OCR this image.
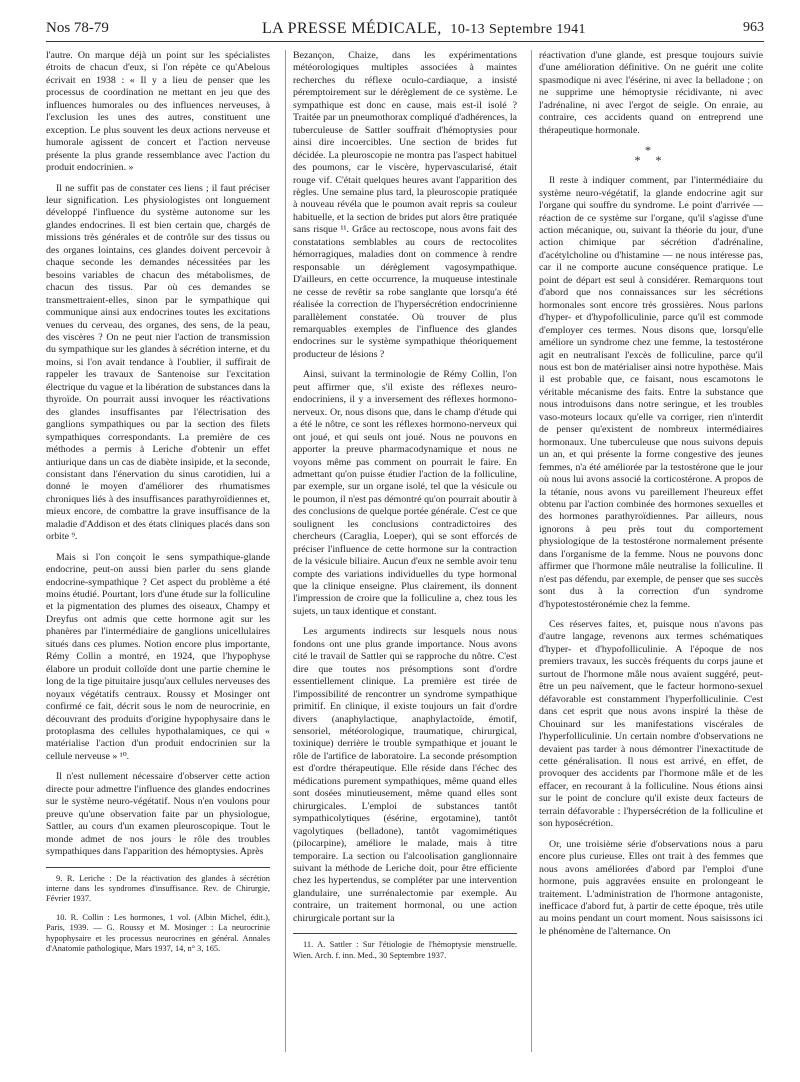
Nos 78-79	LA PRESSE MÉDICALE,  10-13 Septembre 1941	963

l'autre. On marque déjà un point sur les spécialistes étroits de chacun d'eux, si l'on répète ce qu'Abelous écrivait en 1938 : « Il y a lieu de penser que les processus de coordination ne mettant en jeu que des influences humorales ou des influences nerveuses, à l'exclusion les unes des autres, constituent une exception. Le plus souvent les deux actions nerveuse et humorale agissent de concert et l'action nerveuse présente la plus grande ressemblance avec l'action du produit endocrinien. »

Il ne suffit pas de constater ces liens ; il faut préciser leur signification. Les physiologistes ont longuement développé l'influence du système autonome sur les glandes endocrines. Il est bien certain que, chargés de missions très générales et de contrôle sur des tissus ou des organes lointains, ces glandes doivent percevoir à chaque seconde les demandes nécessitées par les besoins variables de chacun des métabolismes, de chacun des tissus. Par où ces demandes se transmettraient-elles, sinon par le sympathique qui communique ainsi aux endocrines toutes les excitations venues du cerveau, des organes, des sens, de la peau, des viscères ? On ne peut nier l'action de transmission du sympathique sur les glandes à sécrétion interne, et du moins, si l'on avait tendance à l'oublier, il suffirait de rappeler les travaux de Santenoise sur l'excitation électrique du vague et la libération de substances dans la thyroïde. On pourrait aussi invoquer les réactivations des glandes insuffisantes par l'électrisation des ganglions sympathiques ou par la section des filets sympathiques correspondants. La première de ces méthodes a permis à Leriche d'obtenir un effet antiurique dans un cas de diabète insipide, et la seconde, consistant dans l'énervation du sinus carotidien, lui a donné le moyen d'améliorer des rhumatismes chroniques liés à des insuffisances parathyroïdiennes et, mieux encore, de combattre la grave insuffisance de la maladie d'Addison et des états cliniques placés dans son orbite ⁹.

Mais si l'on conçoit le sens sympathique-glande endocrine, peut-on aussi bien parler du sens glande endocrine-sympathique ? Cet aspect du problème a été moins étudié. Pourtant, lors d'une étude sur la folliculine et la pigmentation des plumes des oiseaux, Champy et Dreyfus ont admis que cette hormone agit sur les phanères par l'intermédiaire de ganglions unicellulaires situés dans ces plumes. Notion encore plus importante, Rémy Collin a montré, en 1924, que l'hypophyse élabore un produit colloïde dont une partie chemine le long de la tige pituitaire jusqu'aux cellules nerveuses des noyaux végétatifs centraux. Roussy et Mosinger ont confirmé ce fait, décrit sous le nom de neurocrinie, en découvrant des produits d'origine hypophysaire dans le protoplasma des cellules hypothalamiques, ce qui « matérialise l'action d'un produit endocrinien sur la cellule nerveuse » ¹⁰.

Il n'est nullement nécessaire d'observer cette action directe pour admettre l'influence des glandes endocrines sur le système neuro-végétatif. Nous n'en voulons pour preuve qu'une observation faite par un physiologue, Sattler, au cours d'un examen pleuroscopique. Tout le monde admet de nos jours le rôle des troubles sympathiques dans l'apparition des hémoptysies. Après

9. R. Leriche : De la réactivation des glandes à sécrétion interne dans les syndromes d'insuffisance. Rev. de Chirurgie, Février 1937.

10. R. Collin : Les hormones, 1 vol. (Albin Michel, édit.), Paris, 1939. — G. Roussy et M. Mosinger : La neurocrinie hypophysaire et les processus neurocrines en général. Annales d'Anatomie pathologique, Mars 1937, 14, n° 3, 165.

Bezançon, Chaize, dans les expérimentations météorologiques multiples associées à maintes recherches du réflexe oculo-cardiaque, a insisté péremptoirement sur le dérèglement de ce système. Le sympathique est donc en cause, mais est-il isolé ? Traitée par un pneumothorax compliqué d'adhérences, la tuberculeuse de Sattler souffrait d'hémoptysies pour ainsi dire incoercibles. Une section de brides fut décidée. La pleuroscopie ne montra pas l'aspect habituel des poumons, car le viscère, hypervascularisé, était rouge vif. C'était quelques heures avant l'apparition des règles. Une semaine plus tard, la pleuroscopie pratiquée à nouveau révéla que le poumon avait repris sa couleur habituelle, et la section de brides put alors être pratiquée sans risque ¹¹. Grâce au rectoscope, nous avons fait des constatations semblables au cours de rectocolites hémorragiques, maladies dont on commence à rendre responsable un dérèglement vagosympathique. D'ailleurs, en cette occurrence, la muqueuse intestinale ne cesse de revêtir sa robe sanglante que lorsqu'a été réalisée la correction de l'hypersécrétion endocrinienne parallèlement constatée. Où trouver de plus remarquables exemples de l'influence des glandes endocrines sur le système sympathique théoriquement producteur de lésions ?

Ainsi, suivant la terminologie de Rémy Collin, l'on peut affirmer que, s'il existe des réflexes neuro-endocriniens, il y a inversement des réflexes hormono-nerveux. Or, nous disons que, dans le champ d'étude qui a été le nôtre, ce sont les réflexes hormono-nerveux qui ont joué, et qui seuls ont joué. Nous ne pouvons en apporter la preuve pharmacodynamique et nous ne voyons même pas comment on pourrait le faire. En admettant qu'on puisse étudier l'action de la folliculine, par exemple, sur un organe isolé, tel que la vésicule ou le poumon, il n'est pas démontré qu'on pourrait aboutir à des conclusions de quelque portée générale. C'est ce que soulignent les conclusions contradictoires des chercheurs (Caraglia, Loeper), qui se sont efforcés de préciser l'influence de cette hormone sur la contraction de la vésicule biliaire. Aucun d'eux ne semble avoir tenu compte des variations individuelles du type hormonal que la clinique enseigne. Plus clairement, ils donnent l'impression de croire que la folliculine a, chez tous les sujets, un taux identique et constant.

Les arguments indirects sur lesquels nous nous fondons ont une plus grande importance. Nous avons cité le travail de Sattler qui se rapproche du nôtre. C'est dire que toutes nos présomptions sont d'ordre essentiellement clinique. La première est tirée de l'impossibilité de rencontrer un syndrome sympathique primitif. En clinique, il existe toujours un fait d'ordre divers (anaphylactique, anaphylactoïde, émotif, sensoriel, météorologique, traumatique, chirurgical, toxinique) derrière le trouble sympathique et jouant le rôle de l'artifice de laboratoire. La seconde présomption est d'ordre thérapeutique. Elle réside dans l'échec des médications purement sympathiques, même quand elles sont dosées minutieusement, même quand elles sont chirurgicales. L'emploi de substances tantôt sympathicolytiques (ésérine, ergotamine), tantôt vagolytiques (belladone), tantôt vagomimétiques (pilocarpine), améliore le malade, mais à titre temporaire. La section ou l'alcoolisation ganglionnaire suivant la méthode de Leriche doit, pour être efficiente chez les hypertendus, se compléter par une intervention glandulaire, une surrénalectomie par exemple. Au contraire, un traitement hormonal, ou une action chirurgicale portant sur la

11. A. Sattler : Sur l'étiologie de l'hémoptysie menstruelle. Wien. Arch. f. inn. Med., 30 Septembre 1937.

réactivation d'une glande, est presque toujours suivie d'une amélioration définitive. On ne guérit une colite spasmodique ni avec l'ésérine, ni avec la belladone ; on ne supprime une hémoptysie récidivante, ni avec l'adrénaline, ni avec l'ergot de seigle. On enraie, au contraire, ces accidents quand on entreprend une thérapeutique hormonale.

*
* *

Il reste à indiquer comment, par l'intermédiaire du système neuro-végétatif, la glande endocrine agit sur l'organe qui souffre du syndrome. Le point d'arrivée — réaction de ce système sur l'organe, qu'il s'agisse d'une action mécanique, ou, suivant la théorie du jour, d'une action chimique par sécrétion d'adrénaline, d'acétylcholine ou d'histamine — ne nous intéresse pas, car il ne comporte aucune conséquence pratique. Le point de départ est seul à considérer. Remarquons tout d'abord que nos connaissances sur les sécrétions hormonales sont encore très grossières. Nous parlons d'hyper- et d'hypofolliculinie, parce qu'il est commode d'employer ces termes. Nous disons que, lorsqu'elle améliore un syndrome chez une femme, la testostérone agit en neutralisant l'excès de folliculine, parce qu'il nous est bon de matérialiser ainsi notre hypothèse. Mais il est probable que, ce faisant, nous escamotons le véritable mécanisme des faits. Entre la substance que nous introduisons dans notre seringue, et les troubles vaso-moteurs locaux qu'elle va corriger, rien n'interdit de penser qu'existent de nombreux intermédiaires hormonaux. Une tuberculeuse que nous suivons depuis un an, et qui présente la forme congestive des jeunes femmes, n'a été améliorée par la testostérone que le jour où nous lui avons associé la corticostérone. A propos de la tétanie, nous avons vu pareillement l'heureux effet obtenu par l'action combinée des hormones sexuelles et des hormones parathyroïdiennes. Par ailleurs, nous ignorons à peu près tout du comportement physiologique de la testostérone normalement présente dans l'organisme de la femme. Nous ne pouvons donc affirmer que l'hormone mâle neutralise la folliculine. Il n'est pas défendu, par exemple, de penser que ses succès sont dus à la correction d'un syndrome d'hypotestostéronémie chez la femme.

Ces réserves faites, et, puisque nous n'avons pas d'autre langage, revenons aux termes schématiques d'hyper- et d'hypofolliculinie. A l'époque de nos premiers travaux, les succès fréquents du corps jaune et surtout de l'hormone mâle nous avaient suggéré, peut-être un peu naïvement, que le facteur hormono-sexuel défavorable est constamment l'hyperfolliculinie. C'est dans cet esprit que nous avons inspiré la thèse de Chouinard sur les manifestations viscérales de l'hyperfolliculinie. Un certain nombre d'observations ne devaient pas tarder à nous démontrer l'inexactitude de cette généralisation. Il nous est arrivé, en effet, de provoquer des accidents par l'hormone mâle et de les effacer, en recourant à la folliculine. Nous étions ainsi sur le point de conclure qu'il existe deux facteurs de terrain défavorable : l'hypersécrétion de la folliculine et son hyposécrétion.

Or, une troisième série d'observations nous a paru encore plus curieuse. Elles ont trait à des femmes que nous avons améliorées d'abord par l'emploi d'une hormone, puis aggravées ensuite en prolongeant le traitement. L'administration de l'hormone antagoniste, inefficace d'abord fut, à partir de cette époque, très utile au moins pendant un court moment. Nous saisissons ici le phénomène de l'alternance. On
